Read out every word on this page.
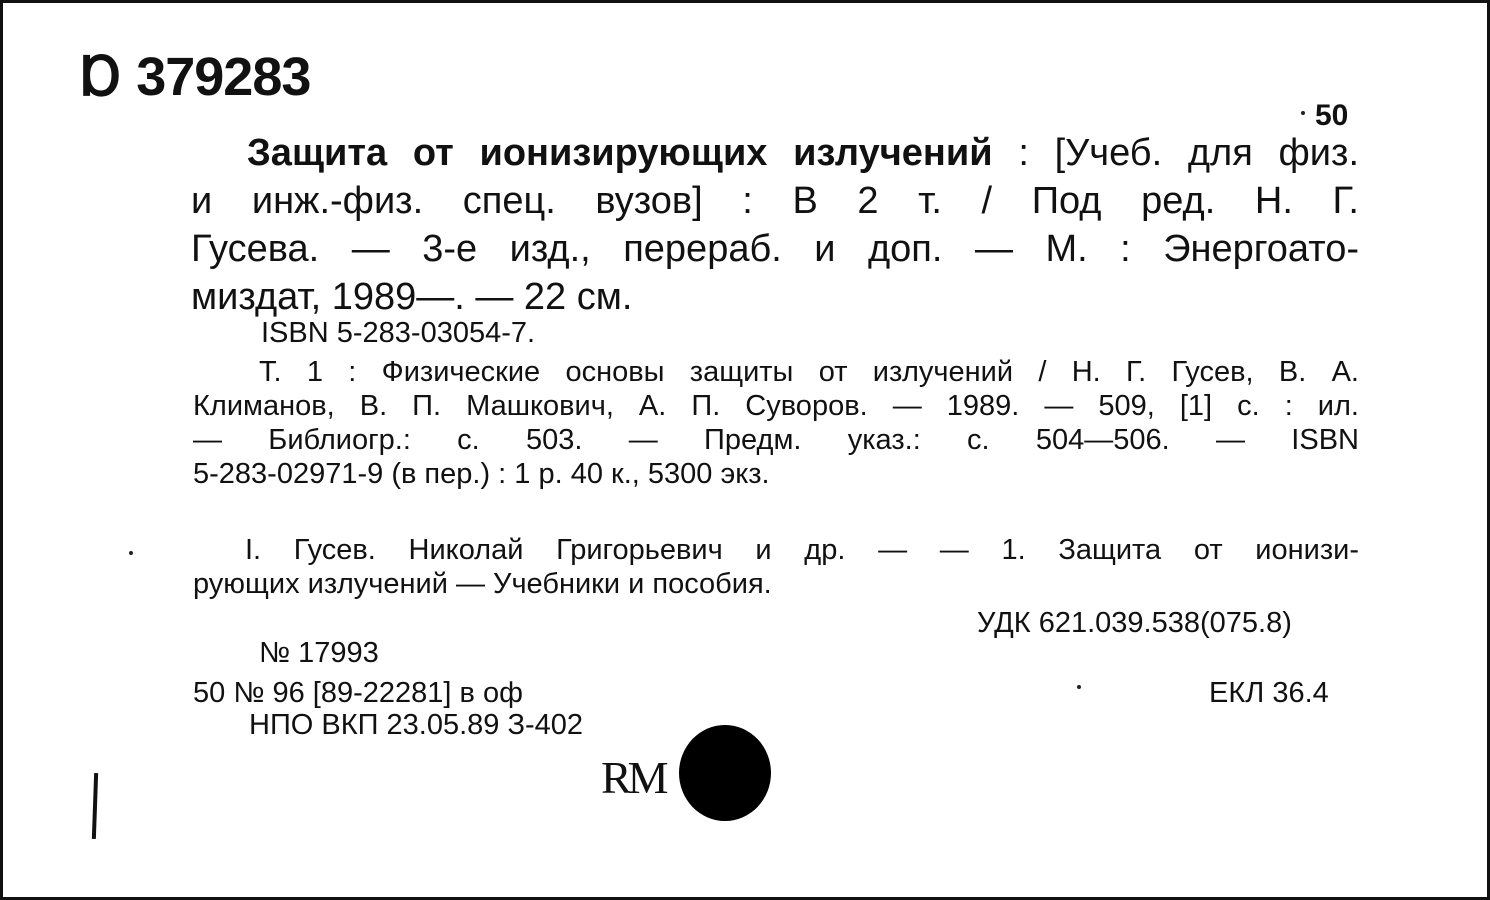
Ɒ 379283
50
Защита от ионизирующих излучений : [Учеб. для физ.
и инж.-физ. спец. вузов] : В 2 т. / Под ред. Н. Г.
Гусева. — 3-е изд., перераб. и доп. — М. : Энергоато-
миздат, 1989—. — 22 см.
ISBN 5-283-03054-7.
Т. 1 : Физические основы защиты от излучений / Н. Г. Гусев, В. А.
Климанов, В. П. Машкович, А. П. Суворов. — 1989. — 509, [1] с. : ил.
— Библиогр.: с. 503. — Предм. указ.: с. 504—506. — ISBN
5-283-02971-9 (в пер.) : 1 р. 40 к., 5300 экз.
I. Гусев. Николай Григорьевич и др. — — 1. Защита от ионизи-
рующих излучений — Учебники и пособия.
УДК 621.039.538(075.8)
№ 17993
50 № 96 [89-22281] в оф	ЕКЛ 36.4
НПО ВКП 23.05.89 З-402
RM
